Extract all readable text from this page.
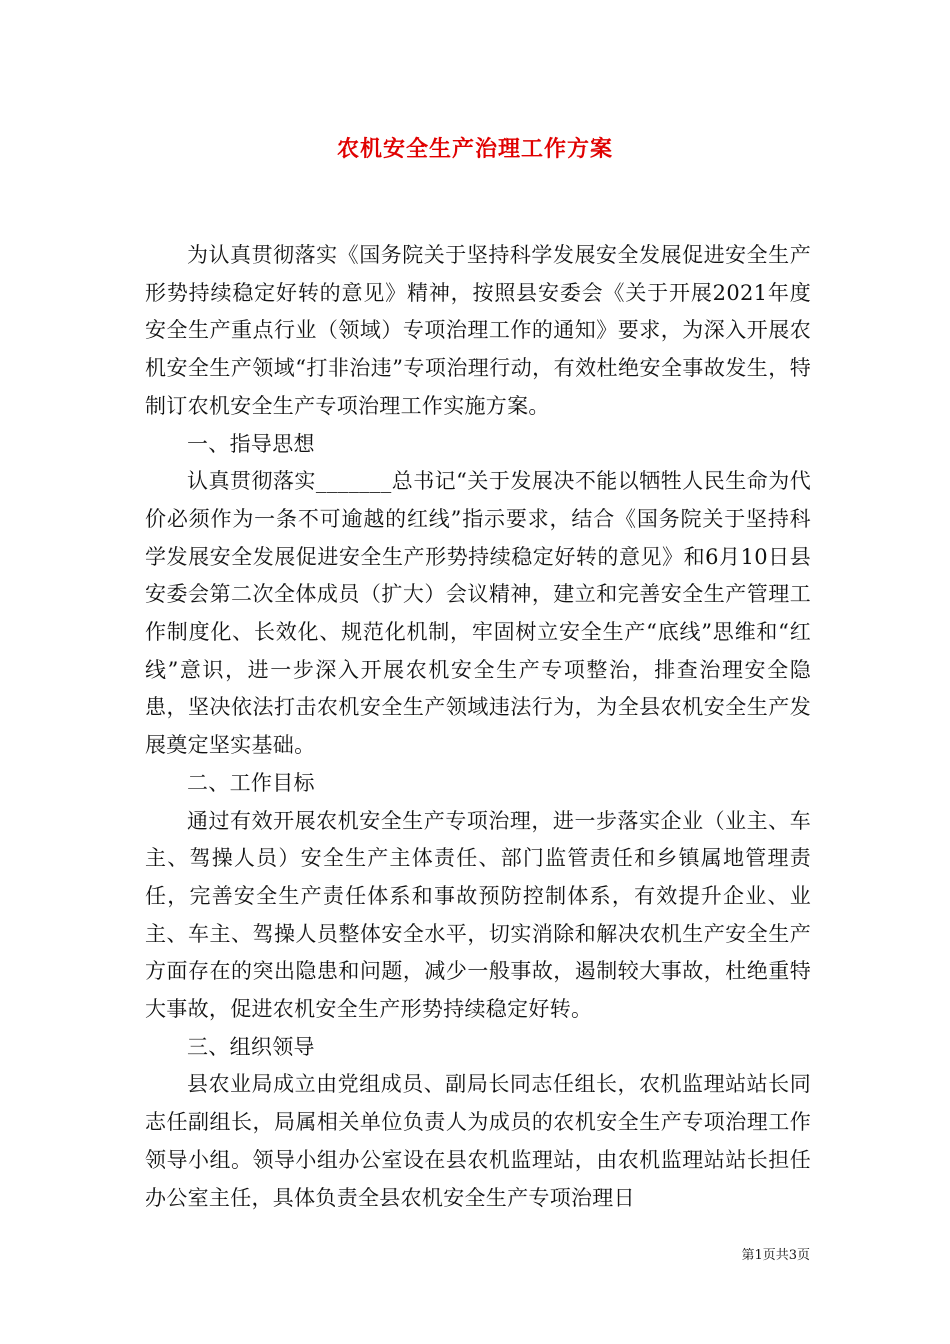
农机安全生产治理工作方案

为认真贯彻落实《国务院关于坚持科学发展安全发展促进安全生产形势持续稳定好转的意见》精神，按照县安委会《关于开展2021年度安全生产重点行业（领域）专项治理工作的通知》要求，为深入开展农机安全生产领域“打非治违”专项治理行动，有效杜绝安全事故发生，特制订农机安全生产专项治理工作实施方案。

一、指导思想

认真贯彻落实_______总书记“关于发展决不能以牺牲人民生命为代价必须作为一条不可逾越的红线”指示要求，结合《国务院关于坚持科学发展安全发展促进安全生产形势持续稳定好转的意见》和6月10日县安委会第二次全体成员（扩大）会议精神，建立和完善安全生产管理工作制度化、长效化、规范化机制，牢固树立安全生产“底线”思维和“红线”意识，进一步深入开展农机安全生产专项整治，排查治理安全隐患，坚决依法打击农机安全生产领域违法行为，为全县农机安全生产发展奠定坚实基础。

二、工作目标

通过有效开展农机安全生产专项治理，进一步落实企业（业主、车主、驾操人员）安全生产主体责任、部门监管责任和乡镇属地管理责任，完善安全生产责任体系和事故预防控制体系，有效提升企业、业主、车主、驾操人员整体安全水平，切实消除和解决农机生产安全生产方面存在的突出隐患和问题，减少一般事故，遏制较大事故，杜绝重特大事故，促进农机安全生产形势持续稳定好转。

三、组织领导

县农业局成立由党组成员、副局长同志任组长，农机监理站站长同志任副组长，局属相关单位负责人为成员的农机安全生产专项治理工作领导小组。领导小组办公室设在县农机监理站，由农机监理站站长担任办公室主任，具体负责全县农机安全生产专项治理日

第1页共3页
